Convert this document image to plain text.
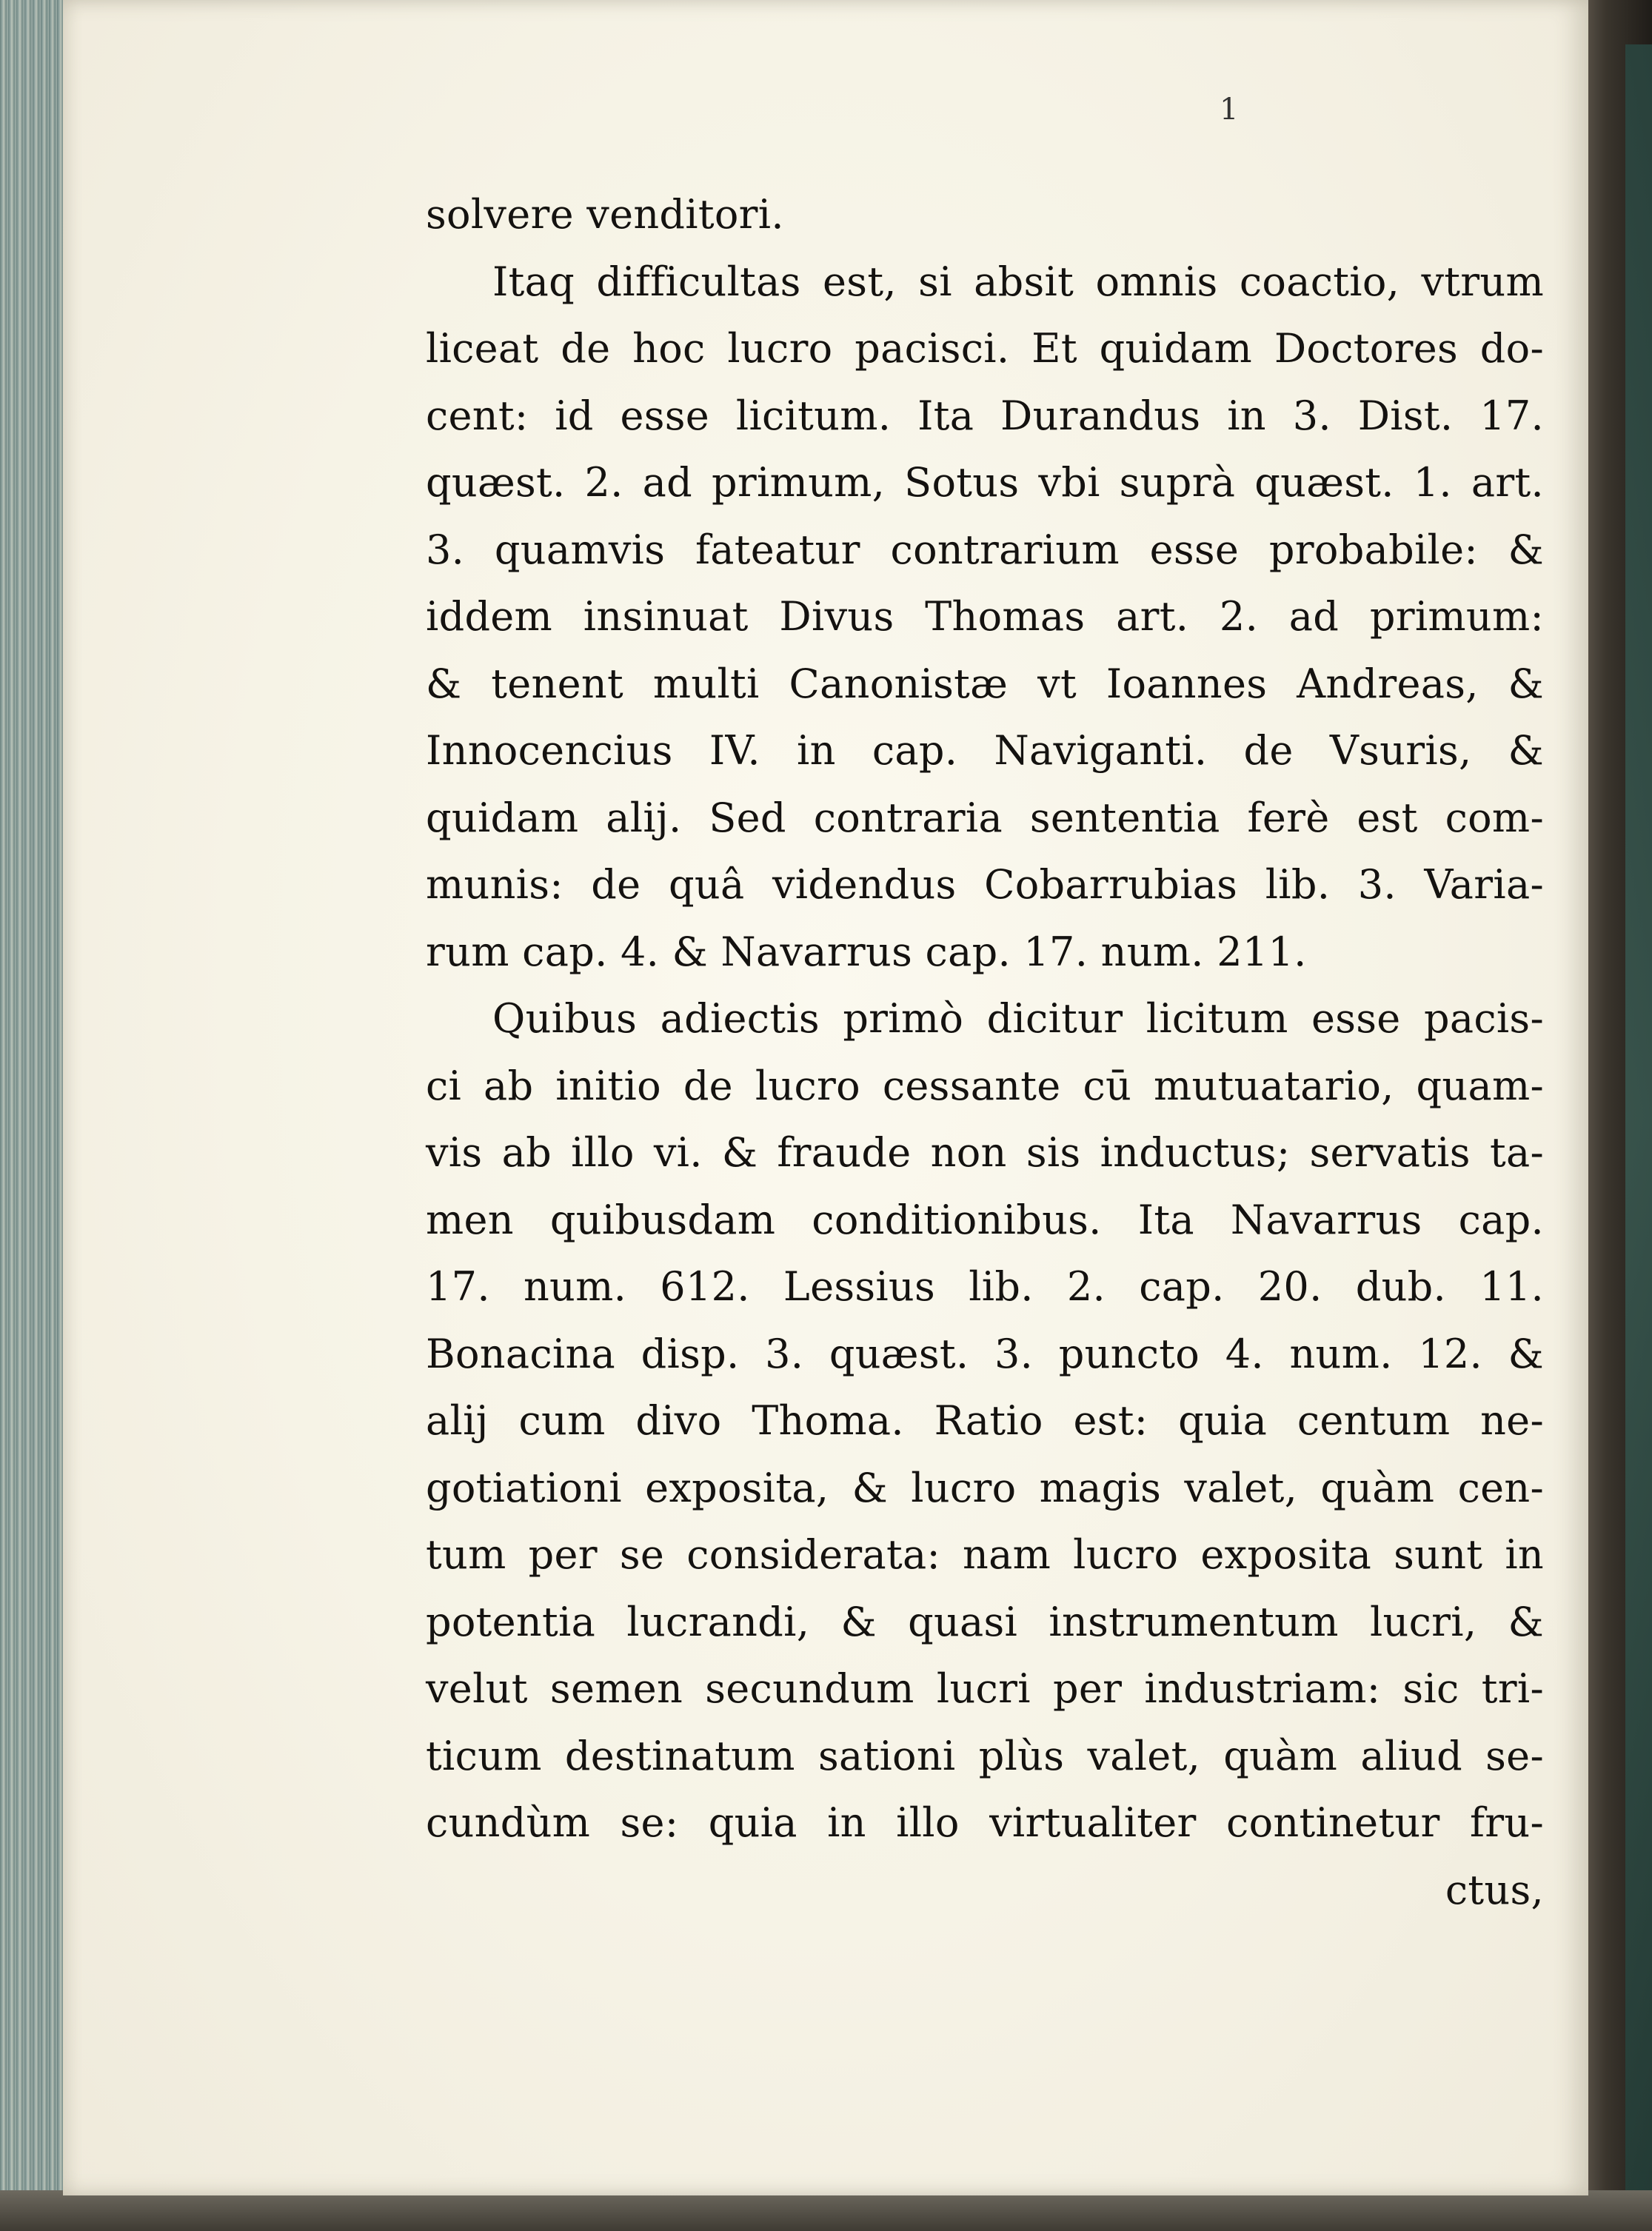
1
solvere venditori.
Itaq difficultas est, si absit omnis coactio, vtrum
liceat de hoc lucro pacisci. Et quidam Doctores do-
cent: id esse licitum. Ita Durandus in 3. Dist. 17.
quæst. 2. ad primum, Sotus vbi suprà quæst. 1. art.
3. quamvis fateatur contrarium esse probabile: &
iddem insinuat Divus Thomas art. 2. ad primum:
& tenent multi Canonistæ vt Ioannes Andreas, &
Innocencius IV. in cap. Naviganti. de Vsuris, &
quidam alij. Sed contraria sententia ferè est com-
munis: de quâ videndus Cobarrubias lib. 3. Varia-
rum cap. 4. & Navarrus cap. 17. num. 211.
Quibus adiectis primò dicitur licitum esse pacis-
ci ab initio de lucro cessante cū mutuatario, quam-
vis ab illo vi. & fraude non sis inductus; servatis ta-
men quibusdam conditionibus. Ita Navarrus cap.
17. num. 612. Lessius lib. 2. cap. 20. dub. 11.
Bonacina disp. 3. quæst. 3. puncto 4. num. 12. &
alij cum divo Thoma. Ratio est: quia centum ne-
gotiationi exposita, & lucro magis valet, quàm cen-
tum per se considerata: nam lucro exposita sunt in
potentia lucrandi, & quasi instrumentum lucri, &
velut semen secundum lucri per industriam: sic tri-
ticum destinatum sationi plùs valet, quàm aliud se-
cundùm se: quia in illo virtualiter continetur fru-
ctus,
